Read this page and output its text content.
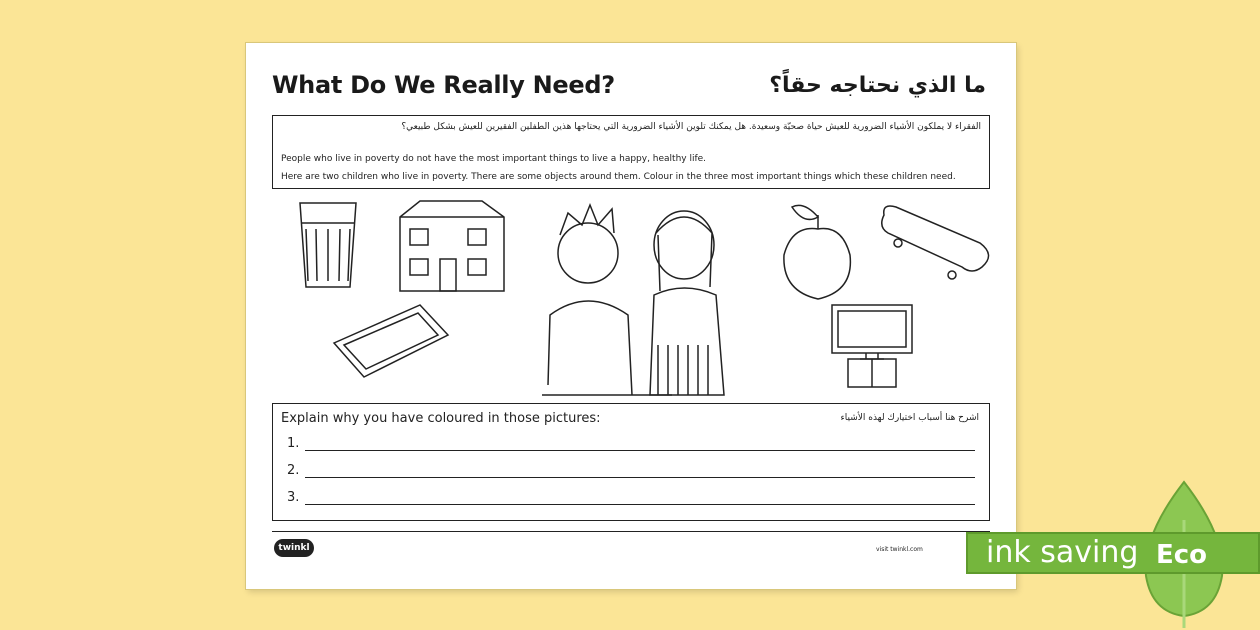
What Do We Really Need?	ما الذي نحتاجه حقاً؟
الفقراء لا يملكون الأشياء الضرورية للعيش حياة صحيّة وسعيدة. هل يمكنك تلوين الأشياء الضرورية التي يحتاجها هذين الطفلين الفقيرين للعيش بشكل طبيعي؟
People who live in poverty do not have the most important things to live a happy, healthy life.
Here are two children who live in poverty. There are some objects around them. Colour in the three most important things which these children need.
Explain why you have coloured in those pictures:	اشرح هنا أسباب اختيارك لهذه الأشياء
1.
2.
3.
twinkl	visit twinkl.com ink saving Eco
